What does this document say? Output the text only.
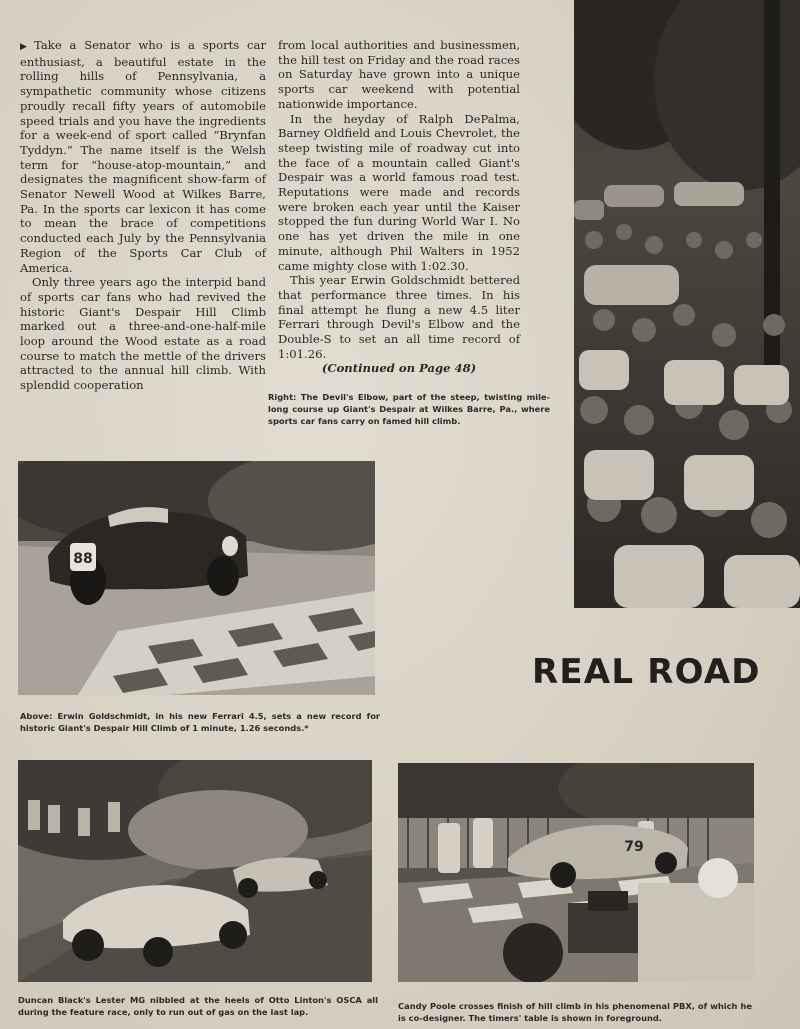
▶ Take a Senator who is a sports car enthusiast, a beautiful estate in the rolling hills of Pennsylvania, a sympathetic community whose citizens proudly recall fifty years of automobile speed trials and you have the ingredients for a week-end of sport called “Brynfan Tyddyn.” The name itself is the Welsh term for “house-atop-mountain,” and designates the magnificent show-farm of Senator Newell Wood at Wilkes Barre, Pa. In the sports car lexicon it has come to mean the brace of competitions conducted each July by the Pennsylvania Region of the Sports Car Club of America.

Only three years ago the interpid band of sports car fans who had revived the historic Giant's Despair Hill Climb marked out a three-and-one-half-mile loop around the Wood estate as a road course to match the mettle of the drivers attracted to the annual hill climb. With splendid cooperation

from local authorities and businessmen, the hill test on Friday and the road races on Saturday have grown into a unique sports car weekend with potential nationwide importance.

In the heyday of Ralph DePalma, Barney Oldfield and Louis Chevrolet, the steep twisting mile of roadway cut into the face of a mountain called Giant's Despair was a world famous road test. Reputations were made and records were broken each year until the Kaiser stopped the fun during World War I. No one has yet driven the mile in one minute, although Phil Walters in 1952 came mighty close with 1:02.30.

This year Erwin Goldschmidt bettered that performance three times. In his final attempt he flung a new 4.5 liter Ferrari through Devil's Elbow and the Double-S to set an all time record of 1:01.26.

(Continued on Page 48)

Right: The Devil's Elbow, part of the steep, twisting mile-long course up Giant's Despair at Wilkes Barre, Pa., where sports car fans carry on famed hill climb.
88
REAL ROAD
Above: Erwin Goldschmidt, in his new Ferrari 4.5, sets a new record for historic Giant's Despair Hill Climb of 1 minute, 1.26 seconds.*
Duncan Black's Lester MG nibbled at the heels of Otto Linton's OSCA all during the feature race, only to run out of gas on the last lap.
79
Candy Poole crosses finish of hill climb in his phenomenal PBX, of which he is co-designer. The timers' table is shown in foreground.
